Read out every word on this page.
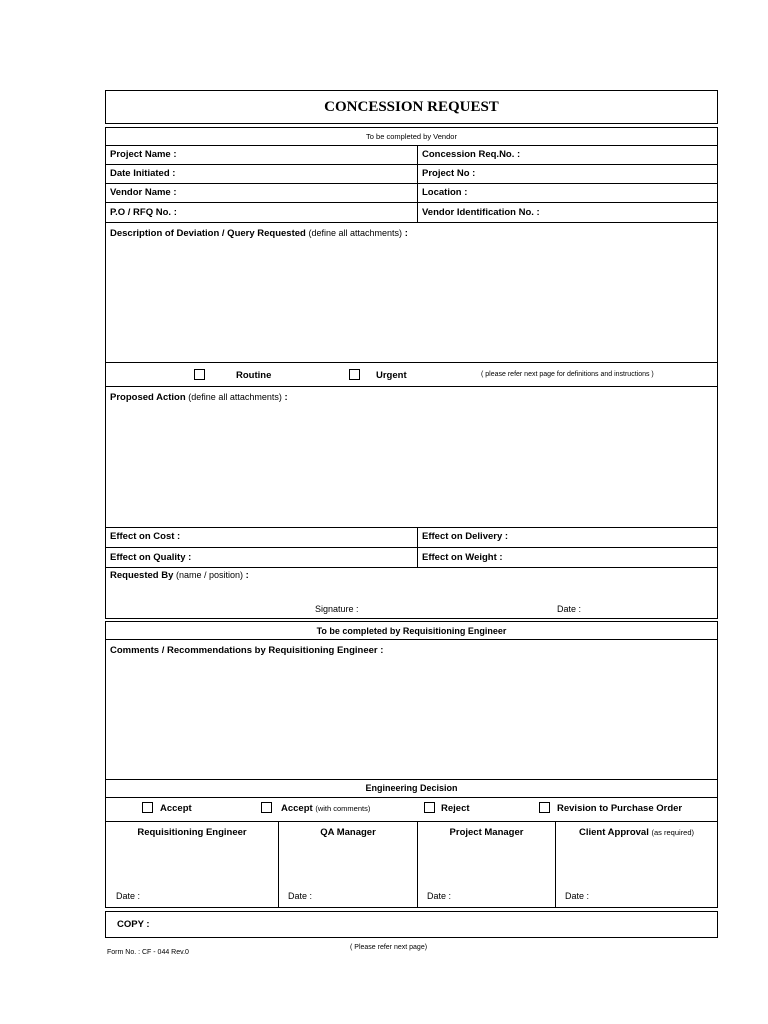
CONCESSION REQUEST
To be completed by Vendor
Project Name :	Concession Req.No. :
Date Initiated :	Project No :
Vendor Name :	Location :
P.O / RFQ No. :	Vendor Identification No. :
Description of Deviation / Query Requested (define all attachments) :
Routine	Urgent	( please refer next page for definitions and instructions )
Proposed Action (define all attachments) :
Effect on Cost :	Effect on Delivery :
Effect on Quality :	Effect on Weight :
Requested By (name / position) :
Signature :	Date :
To be completed by Requisitioning Engineer
Comments / Recommendations by Requisitioning Engineer :
Engineering Decision
Accept	Accept (with comments)	Reject	Revision to Purchase Order
Requisitioning Engineer	QA Manager	Project Manager	Client Approval (as required)
Date :	Date :	Date :	Date :
COPY :
Form No. : CF - 044 Rev.0
( Please refer next page)
